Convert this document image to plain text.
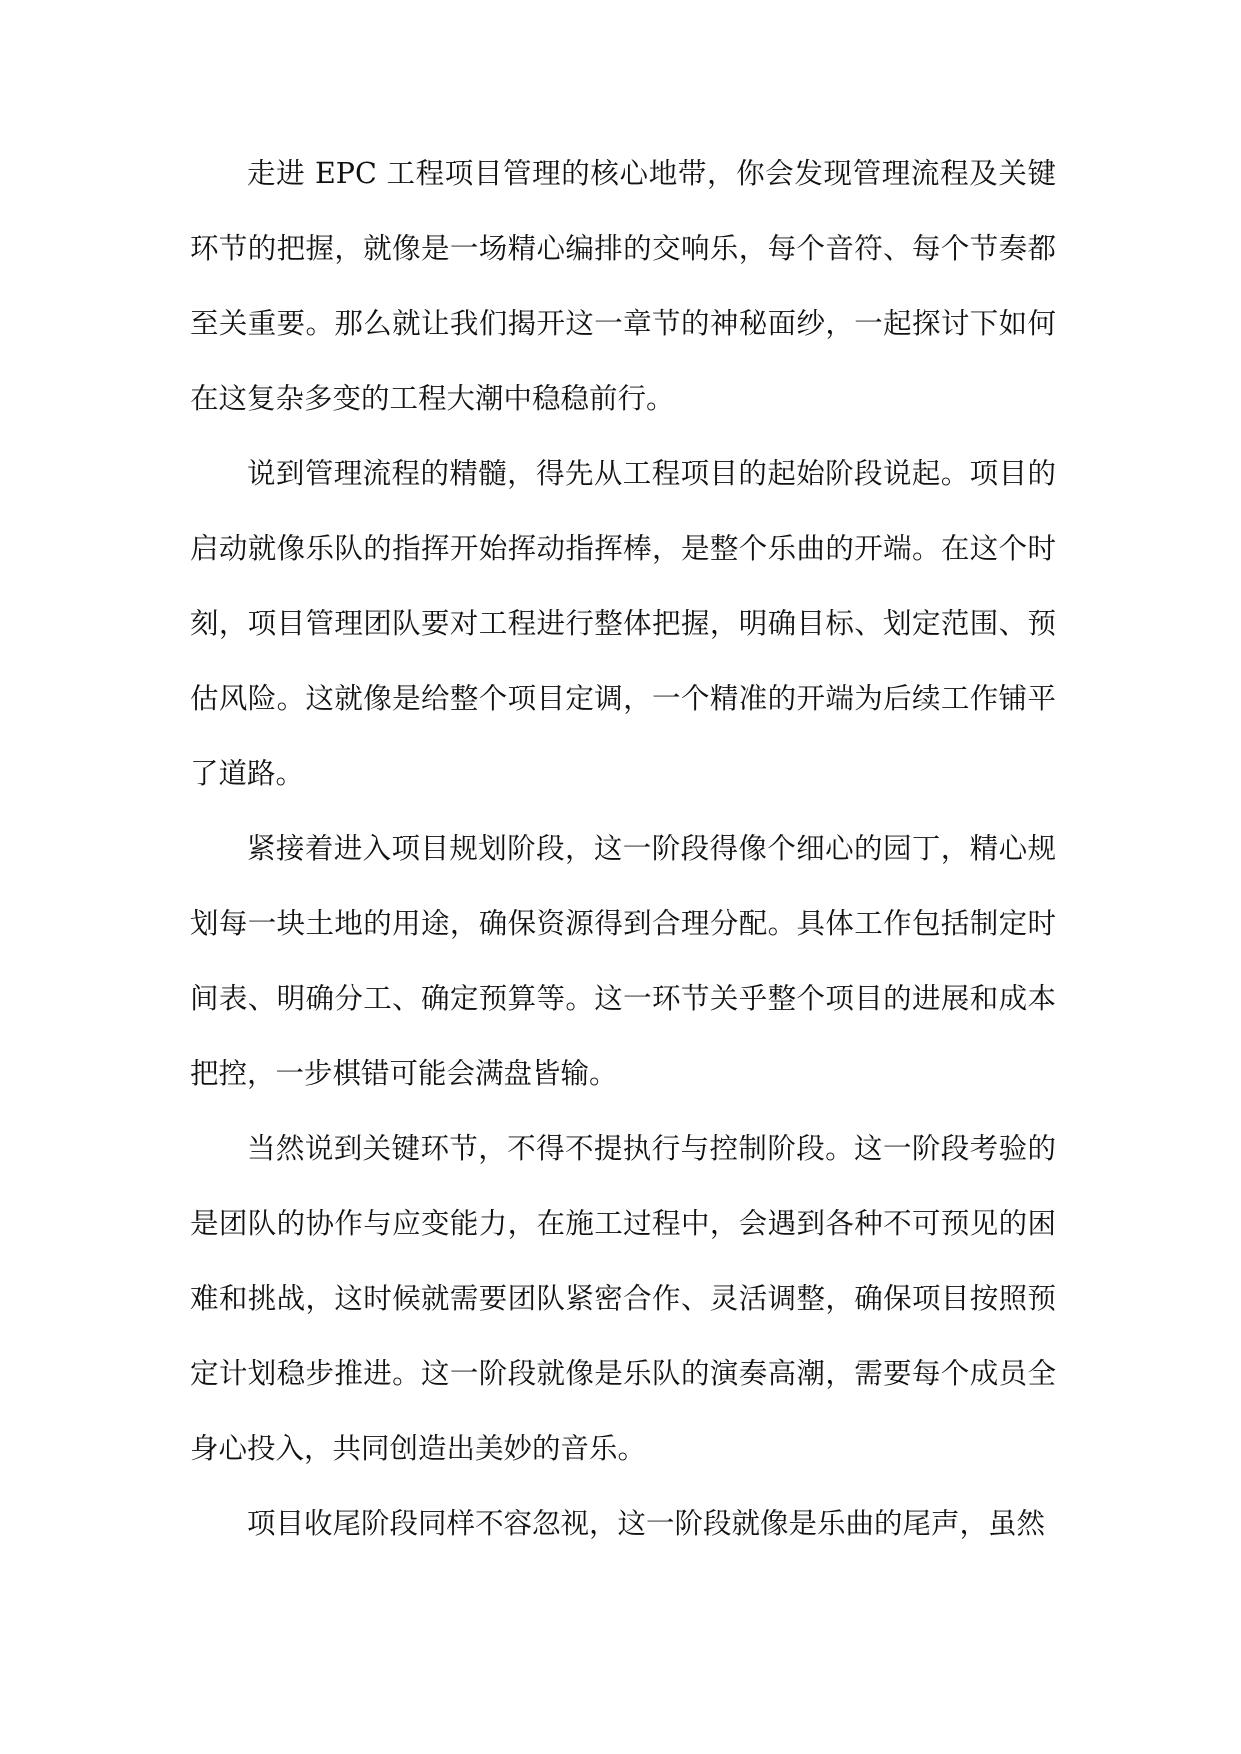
走进 EPC 工程项目管理的核心地带，你会发现管理流程及关键环节的把握，就像是一场精心编排的交响乐，每个音符、每个节奏都至关重要。那么就让我们揭开这一章节的神秘面纱，一起探讨下如何在这复杂多变的工程大潮中稳稳前行。

说到管理流程的精髓，得先从工程项目的起始阶段说起。项目的启动就像乐队的指挥开始挥动指挥棒，是整个乐曲的开端。在这个时刻，项目管理团队要对工程进行整体把握，明确目标、划定范围、预估风险。这就像是给整个项目定调，一个精准的开端为后续工作铺平了道路。

紧接着进入项目规划阶段，这一阶段得像个细心的园丁，精心规划每一块土地的用途，确保资源得到合理分配。具体工作包括制定时间表、明确分工、确定预算等。这一环节关乎整个项目的进展和成本把控，一步棋错可能会满盘皆输。

当然说到关键环节，不得不提执行与控制阶段。这一阶段考验的是团队的协作与应变能力，在施工过程中，会遇到各种不可预见的困难和挑战，这时候就需要团队紧密合作、灵活调整，确保项目按照预定计划稳步推进。这一阶段就像是乐队的演奏高潮，需要每个成员全身心投入，共同创造出美妙的音乐。

项目收尾阶段同样不容忽视，这一阶段就像是乐曲的尾声，虽然
